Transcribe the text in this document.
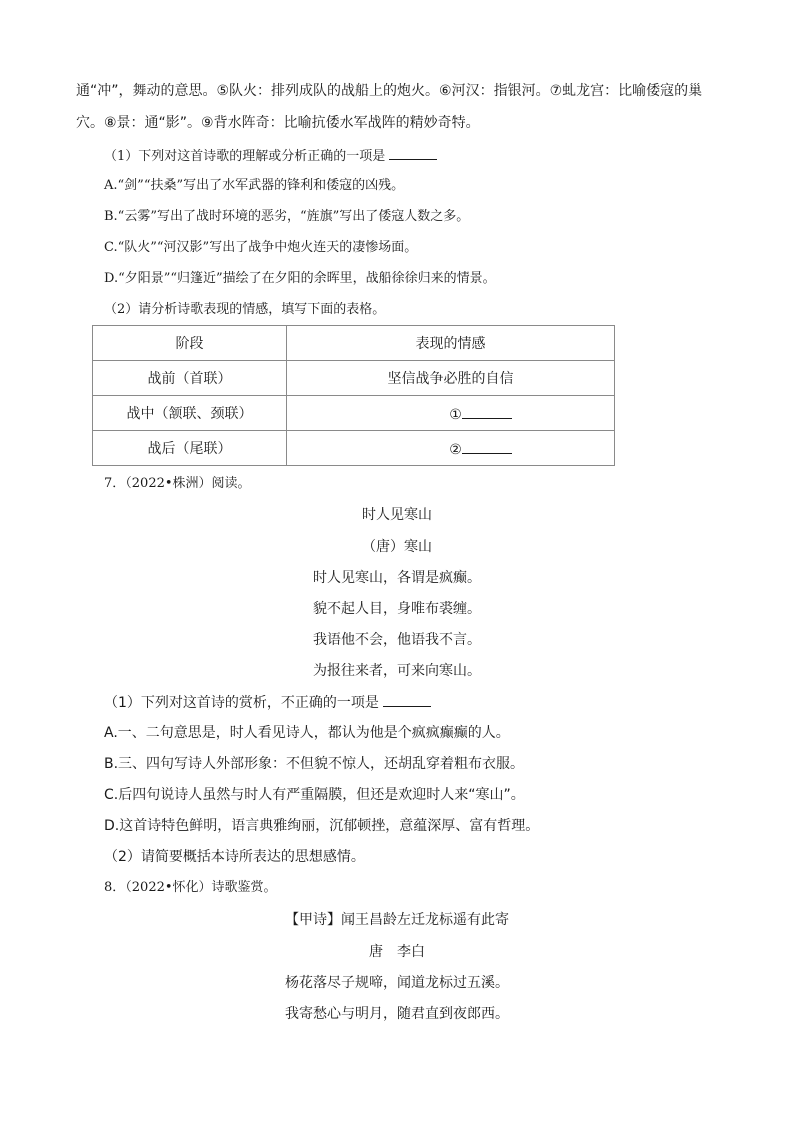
通“冲”，舞动的意思。⑤队火：排列成队的战船上的炮火。⑥河汉：指银河。⑦虬龙宫：比喻倭寇的巢
穴。⑧景：通“影”。⑨背水阵奇：比喻抗倭水军战阵的精妙奇特。
（1）下列对这首诗歌的理解或分析正确的一项是
A.“剑”“扶桑”写出了水军武器的锋利和倭寇的凶残。
B.“云雾”写出了战时环境的恶劣，“旌旗”写出了倭寇人数之多。
C.“队火”“河汉影”写出了战争中炮火连天的凄惨场面。
D.“夕阳景”“归篷近”描绘了在夕阳的余晖里，战船徐徐归来的情景。
（2）请分析诗歌表现的情感，填写下面的表格。
阶段	表现的情感
战前（首联）	坚信战争必胜的自信
战中（颔联、颈联）	①
战后（尾联）	②
7．（2022•株洲）阅读。
时人见寒山
（唐）寒山
时人见寒山，各谓是疯癫。
貌不起人目，身唯布裘缠。
我语他不会，他语我不言。
为报往来者，可来向寒山。
（1）下列对这首诗的赏析，不正确的一项是
A.一、二句意思是，时人看见诗人，都认为他是个疯疯癫癫的人。
B.三、四句写诗人外部形象：不但貌不惊人，还胡乱穿着粗布衣服。
C.后四句说诗人虽然与时人有严重隔膜，但还是欢迎时人来“寒山”。
D.这首诗特色鲜明，语言典雅绚丽，沉郁顿挫，意蕴深厚、富有哲理。
（2）请简要概括本诗所表达的思想感情。
8．（2022•怀化）诗歌鉴赏。
【甲诗】闻王昌龄左迁龙标遥有此寄
唐　李白
杨花落尽子规啼，闻道龙标过五溪。
我寄愁心与明月，随君直到夜郎西。
